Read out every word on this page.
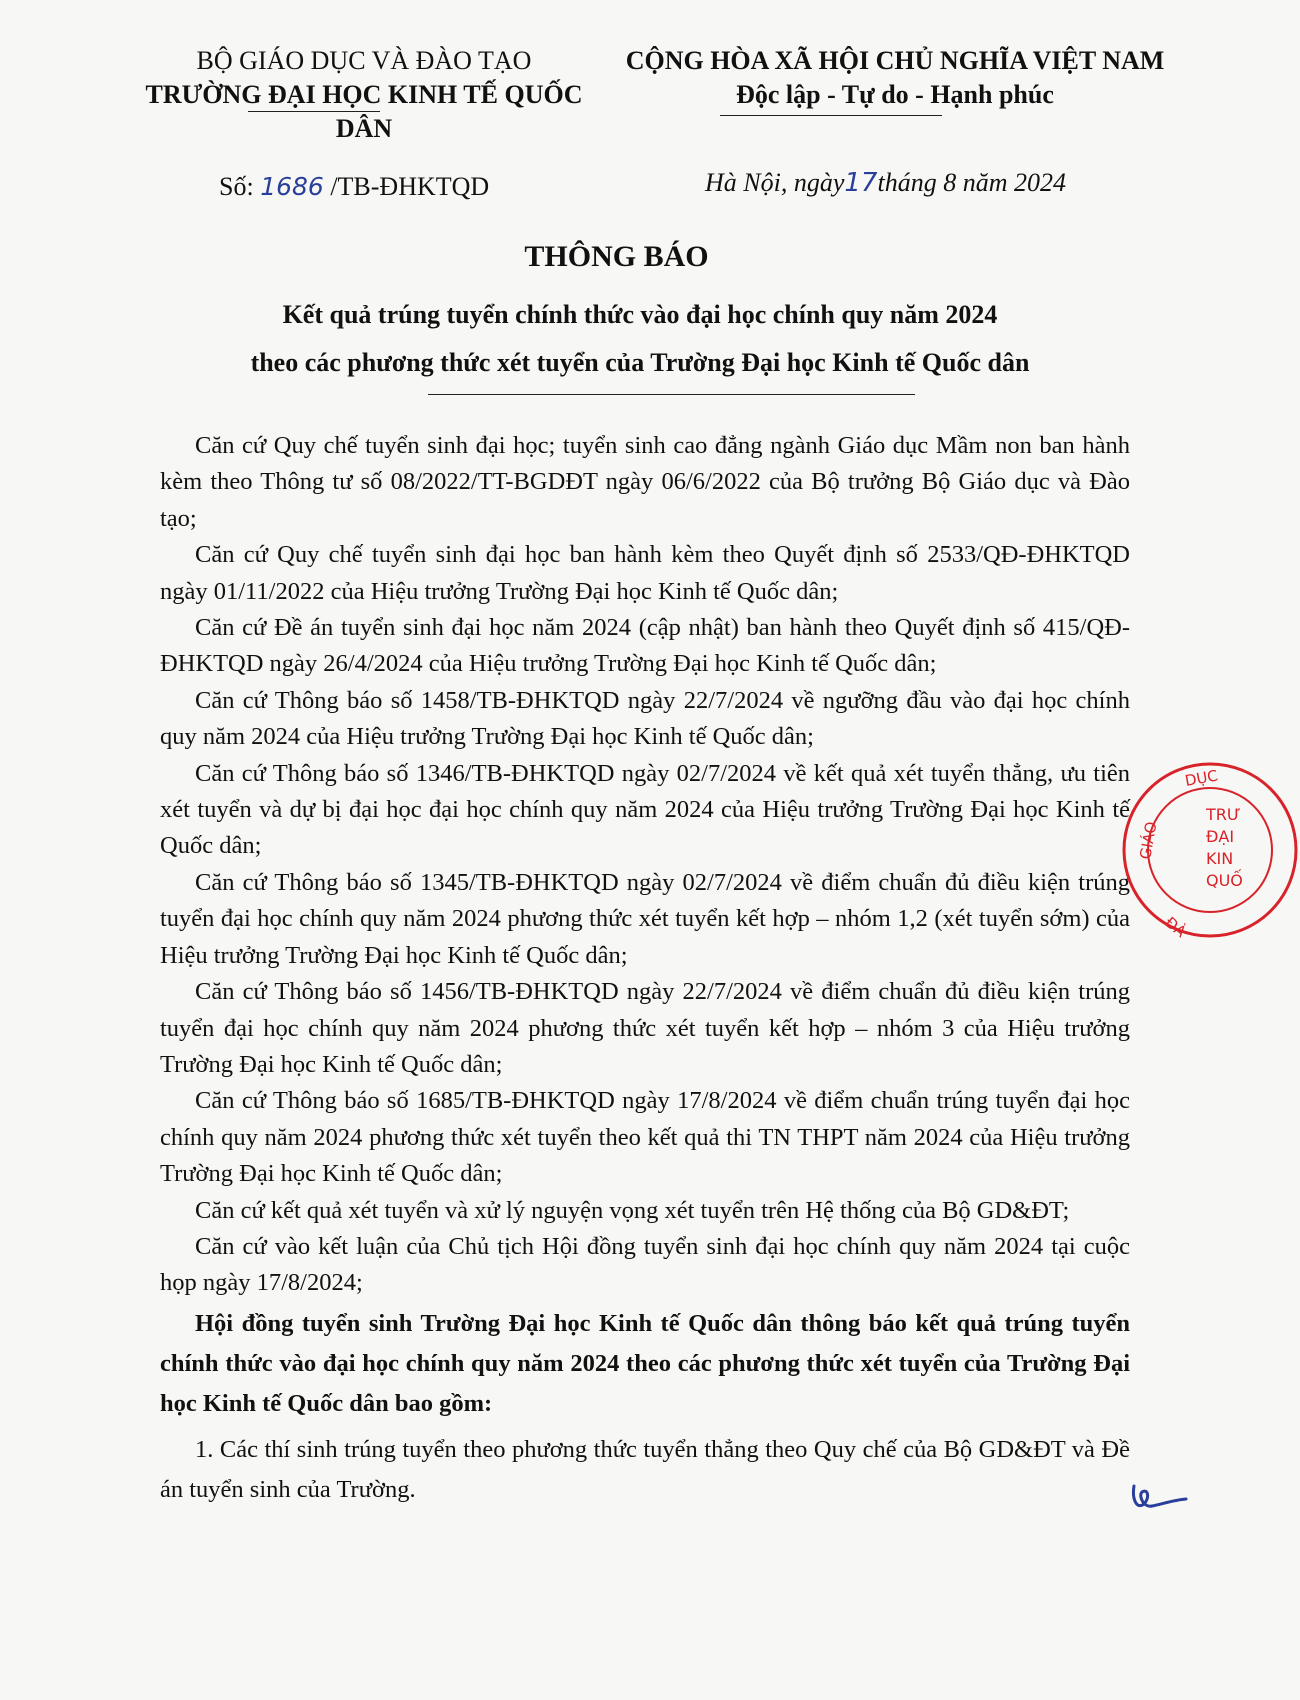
BỘ GIÁO DỤC VÀ ĐÀO TẠO
TRƯỜNG ĐẠI HỌC KINH TẾ QUỐC DÂN
CỘNG HÒA XÃ HỘI CHỦ NGHĨA VIỆT NAM
Độc lập - Tự do - Hạnh phúc
Số: 1686 /TB-ĐHKTQD	Hà Nội, ngày17tháng 8 năm 2024
THÔNG BÁO
Kết quả trúng tuyển chính thức vào đại học chính quy năm 2024
theo các phương thức xét tuyển của Trường Đại học Kinh tế Quốc dân

Căn cứ Quy chế tuyển sinh đại học; tuyển sinh cao đẳng ngành Giáo dục Mầm non ban hành kèm theo Thông tư số 08/2022/TT-BGDĐT ngày 06/6/2022 của Bộ trưởng Bộ Giáo dục và Đào tạo;

Căn cứ Quy chế tuyển sinh đại học ban hành kèm theo Quyết định số 2533/QĐ-ĐHKTQD ngày 01/11/2022 của Hiệu trưởng Trường Đại học Kinh tế Quốc dân;

Căn cứ Đề án tuyển sinh đại học năm 2024 (cập nhật) ban hành theo Quyết định số 415/QĐ-ĐHKTQD ngày 26/4/2024 của Hiệu trưởng Trường Đại học Kinh tế Quốc dân;

Căn cứ Thông báo số 1458/TB-ĐHKTQD ngày 22/7/2024 về ngưỡng đầu vào đại học chính quy năm 2024 của Hiệu trưởng Trường Đại học Kinh tế Quốc dân;

Căn cứ Thông báo số 1346/TB-ĐHKTQD ngày 02/7/2024 về kết quả xét tuyển thẳng, ưu tiên xét tuyển và dự bị đại học đại học chính quy năm 2024 của Hiệu trưởng Trường Đại học Kinh tế Quốc dân;

Căn cứ Thông báo số 1345/TB-ĐHKTQD ngày 02/7/2024 về điểm chuẩn đủ điều kiện trúng tuyển đại học chính quy năm 2024 phương thức xét tuyển kết hợp – nhóm 1,2 (xét tuyển sớm) của Hiệu trưởng Trường Đại học Kinh tế Quốc dân;

Căn cứ Thông báo số 1456/TB-ĐHKTQD ngày 22/7/2024 về điểm chuẩn đủ điều kiện trúng tuyển đại học chính quy năm 2024 phương thức xét tuyển kết hợp – nhóm 3 của Hiệu trưởng Trường Đại học Kinh tế Quốc dân;

Căn cứ Thông báo số 1685/TB-ĐHKTQD ngày 17/8/2024 về điểm chuẩn trúng tuyển đại học chính quy năm 2024 phương thức xét tuyển theo kết quả thi TN THPT năm 2024 của Hiệu trưởng Trường Đại học Kinh tế Quốc dân;

Căn cứ kết quả xét tuyển và xử lý nguyện vọng xét tuyển trên Hệ thống của Bộ GD&ĐT;

Căn cứ vào kết luận của Chủ tịch Hội đồng tuyển sinh đại học chính quy năm 2024 tại cuộc họp ngày 17/8/2024;

Hội đồng tuyển sinh Trường Đại học Kinh tế Quốc dân thông báo kết quả trúng tuyển chính thức vào đại học chính quy năm 2024 theo các phương thức xét tuyển của Trường Đại học Kinh tế Quốc dân bao gồm:

1. Các thí sinh trúng tuyển theo phương thức tuyển thẳng theo Quy chế của Bộ GD&ĐT và Đề án tuyển sinh của Trường.

DỤC
GIÁO
ĐÀ
TRƯ
ĐẠI
KIN
QUỐ
